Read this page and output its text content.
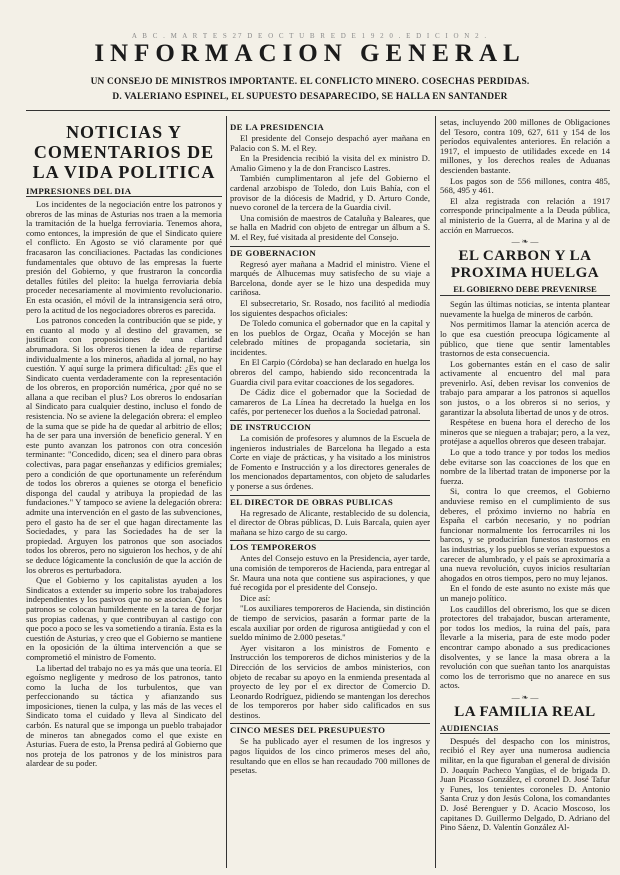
A B C . M A R T E S 27 D E O C T U B R E D E 1 9 2 0 . E D I C I O N 2 .
INFORMACION GENERAL
UN CONSEJO DE MINISTROS IMPORTANTE. EL CONFLICTO MINERO. COSECHAS PERDIDAS.
D. VALERIANO ESPINEL, EL SUPUESTO DESAPARECIDO, SE HALLA EN SANTANDER
NOTICIAS Y COMENTARIOS DE LA VIDA POLITICA
IMPRESIONES DEL DIA

Los incidentes de la negociación entre los patronos y obreros de las minas de Asturias nos traen a la memoria la tramitación de la huelga ferroviaria. Tenemos ahora, como entonces, la impresión de que el Sindicato quiere el conflicto. En Agosto se vió claramente por qué fracasaron las conciliaciones. Pactadas las condiciones fundamentales que obtuvo de las empresas la fuerte presión del Gobierno, y que frustraron la concordia detalles fútiles del pleito: la huelga ferroviaria debía proceder necesariamente al movimiento revolucionario. En esta ocasión, el móvil de la intransigencia será otro, pero la actitud de los negociadores obreros es parecida.

Los patronos conceden la contribución que se pide, y en cuanto al modo y al destino del gravamen, se justifican con proposiciones de una claridad abrumadora. Si los obreros tienen la idea de repartirse individualmente a los mineros, añadida al jornal, no hay cuestión. Y aquí surge la primera dificultad: ¿Es que el Sindicato cuenta verdaderamente con la representación de los obreros, en proporción numérica, ¿por qué no se allana a que reciban el plus? Los obreros lo endosarían al Sindicato para cualquier destino, incluso el fondo de resistencia. No se aviene la delegación obrera: el empleo de la suma que se pide ha de quedar al arbitrio de ellos; ha de ser para una inversión de beneficio general. Y en este punto avanzan los patronos con otra concesión terminante: "Concedido, dicen; sea el dinero para obras colectivas, para pagar enseñanzas y edificios gremiales; pero a condición de que oportunamente un referéndum de todos los obreros a quienes se otorga el beneficio disponga del caudal y atribuya la propiedad de las fundaciones." Y tampoco se aviene la delegación obrera: admite una intervención en el gasto de las subvenciones, pero el gasto ha de ser el que hagan directamente las Sociedades, y para las Sociedades ha de ser la propiedad. Arguyen los patronos que son asociados todos los obreros, pero no siguieron los hechos, y de ahí se deduce lógicamente la conclusión de que la acción de los obreros es perturbadora.

Que el Gobierno y los capitalistas ayuden a los Sindicatos a extender su imperio sobre los trabajadores independientes y los pasivos que no se asocian. Que los patronos se colocan humildemente en la tarea de forjar sus propias cadenas, y que contribuyan al castigo con que poco a poco se les va sometiendo a tiranía. Esta es la cuestión de Asturias, y creo que el Gobierno se mantiene en la oposición de la última intervención a que se comprometió el ministro de Fomento.

La libertad del trabajo no es ya más que una teoría. El egoísmo negligente y medroso de los patronos, tanto como la lucha de los turbulentos, que van perfeccionando su táctica y afianzando sus imposiciones, tienen la culpa, y las más de las veces el Sindicato toma el cuidado y lleva al Sindicato del carbón. Es natural que se imponga un pueblo trabajador de mineros tan abnegados como el que existe en Asturias. Fuera de esto, la Prensa pedirá al Gobierno que nos proteja de los patronos y de los ministros para alardear de su poder.

DE LA PRESIDENCIA

El presidente del Consejo despachó ayer mañana en Palacio con S. M. el Rey.

En la Presidencia recibió la visita del ex ministro D. Amalio Gimeno y la de don Francisco Lastres.

También cumplimentaron al jefe del Gobierno el cardenal arzobispo de Toledo, don Luis Bahía, con el provisor de la diócesis de Madrid, y D. Arturo Conde, nuevo coronel de la tercera de la Guardia civil.

Una comisión de maestros de Cataluña y Baleares, que se halla en Madrid con objeto de entregar un álbum a S. M. el Rey, fué visitada al presidente del Consejo.

DE GOBERNACION

Regresó ayer mañana a Madrid el ministro. Viene el marqués de Alhucemas muy satisfecho de su viaje a Barcelona, donde ayer se le hizo una despedida muy cariñosa.

El subsecretario, Sr. Rosado, nos facilitó al mediodía los siguientes despachos oficiales:

De Toledo comunica el gobernador que en la capital y en los pueblos de Orgaz, Ocaña y Mocejón se han celebrado mítines de propaganda societaria, sin incidentes.

En El Carpio (Córdoba) se han declarado en huelga los obreros del campo, habiendo sido reconcentrada la Guardia civil para evitar coacciones de los segadores.

De Cádiz dice el gobernador que la Sociedad de camareros de La Línea ha decretado la huelga en los cafés, por pertenecer los dueños a la Sociedad patronal.

DE INSTRUCCION

La comisión de profesores y alumnos de la Escuela de ingenieros industriales de Barcelona ha llegado a esta Corte en viaje de prácticas, y ha visitado a los ministros de Fomento e Instrucción y a los directores generales de los mencionados departamentos, con objeto de saludarles y ponerse a sus órdenes.

EL DIRECTOR DE OBRAS PUBLICAS

Ha regresado de Alicante, restablecido de su dolencia, el director de Obras públicas, D. Luis Barcala, quien ayer mañana se hizo cargo de su cargo.

LOS TEMPOREROS

Antes del Consejo estuvo en la Presidencia, ayer tarde, una comisión de temporeros de Hacienda, para entregar al Sr. Maura una nota que contiene sus aspiraciones, y que fué recogida por el presidente del Consejo.

Dice así:

"Los auxiliares temporeros de Hacienda, sin distinción de tiempo de servicios, pasarán a formar parte de la escala auxiliar por orden de rigurosa antigüedad y con el sueldo mínimo de 2.000 pesetas."

Ayer visitaron a los ministros de Fomento e Instrucción los temporeros de dichos ministerios y de la Dirección de los servicios de ambos ministerios, con objeto de recabar su apoyo en la enmienda presentada al proyecto de ley por el ex director de Comercio D. Leonardo Rodríguez, pidiendo se mantengan los derechos de los temporeros por haber sido calificados en sus destinos.

CINCO MESES DEL PRESUPUESTO

Se ha publicado ayer el resumen de los ingresos y pagos líquidos de los cinco primeros meses del año, resultando que en ellos se han recaudado 700 millones de pesetas.

setas, incluyendo 200 millones de Obligaciones del Tesoro, contra 109, 627, 611 y 154 de los períodos equivalentes anteriores. En relación a 1917, el impuesto de utilidades excede en 14 millones, y los derechos reales de Aduanas descienden bastante.

Los pagos son de 556 millones, contra 485, 568, 495 y 461.

El alza registrada con relación a 1917 corresponde principalmente a la Deuda pública, al ministerio de la Guerra, al de Marina y al de acción en Marruecos.

— ❧ —
EL CARBON Y LA PROXIMA HUELGA
EL GOBIERNO DEBE PREVENIRSE

Según las últimas noticias, se intenta plantear nuevamente la huelga de mineros de carbón.

Nos permitimos llamar la atención acerca de lo que esa cuestión preocupa lógicamente al público, que tiene que sentir lamentables trastornos de esta consecuencia.

Los gobernantes están en el caso de salir activamente al encuentro del mal para prevenirlo. Así, deben revisar los convenios de trabajo para amparar a los patronos si aquellos son justos, o a los obreros si no serios, y garantizar la absoluta libertad de unos y de otros.

Respétese en buena hora el derecho de los mineros que se nieguen a trabajar; pero, a la vez, protéjase a aquellos obreros que deseen trabajar.

Lo que a todo trance y por todos los medios debe evitarse son las coacciones de los que en nombre de la libertad tratan de imponerse por la fuerza.

Si, contra lo que creemos, el Gobierno anduviese remiso en el cumplimiento de sus deberes, el próximo invierno no habría en España el carbón necesario, y no podrían funcionar normalmente los ferrocarriles ni los barcos, y se producirían funestos trastornos en las industrias, y los pueblos se verían expuestos a carecer de alumbrado, y el país se aproximaría a una nueva revolución, cuyos inicios resultarían ahogados en otros tiempos, pero no muy lejanos.

En el fondo de este asunto no existe más que un manejo político.

Los caudillos del obrerismo, los que se dicen protectores del trabajador, buscan arteramente, por todos los medios, la ruina del país, para llevarle a la miseria, para de este modo poder encontrar campo abonado a sus predicaciones disolventes, y se lance la masa obrera a la revolución con que sueñan tanto los anarquistas como los de terrorismo que no anarece en sus actos.

— ❧ —
LA FAMILIA REAL
AUDIENCIAS

Después del despacho con los ministros, recibió el Rey ayer una numerosa audiencia militar, en la que figuraban el general de división D. Joaquín Pacheco Yangüas, el de brigada D. Juan Picasso González, el coronel D. José Tafur y Funes, los tenientes coroneles D. Antonio Santa Cruz y don Jesús Colona, los comandantes D. José Berenguer y D. Acacio Moscoso, los capitanes D. Guillermo Delgado, D. Adriano del Pino Sáenz, D. Valentín González Al-
